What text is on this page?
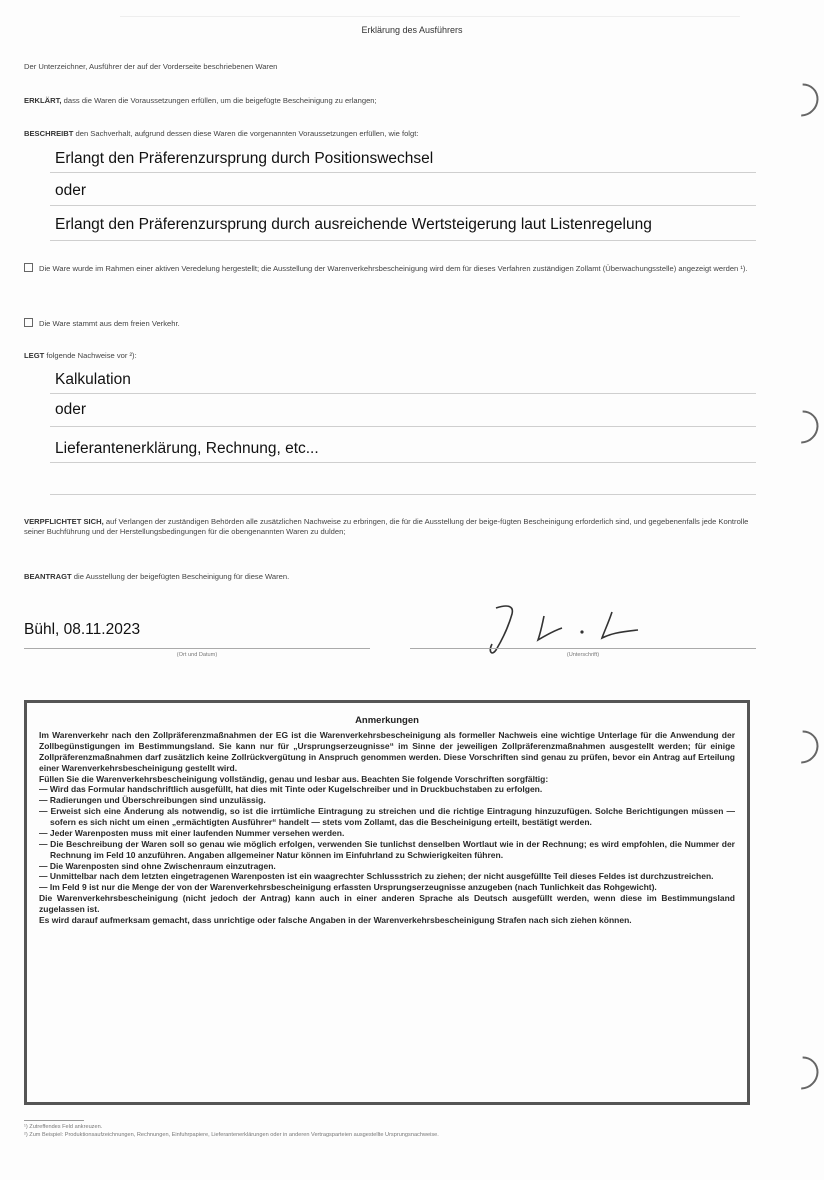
Erklärung des Ausführers
Der Unterzeichner, Ausführer der auf der Vorderseite beschriebenen Waren
ERKLÄRT, dass die Waren die Voraussetzungen erfüllen, um die beigefügte Bescheinigung zu erlangen;
BESCHREIBT den Sachverhalt, aufgrund dessen diese Waren die vorgenannten Voraussetzungen erfüllen, wie folgt:
Erlangt den Präferenzursprung durch Positionswechsel
oder
Erlangt den Präferenzursprung durch ausreichende Wertsteigerung laut Listenregelung
Die Ware wurde im Rahmen einer aktiven Veredelung hergestellt; die Ausstellung der Warenverkehrsbescheinigung wird dem für dieses Verfahren zuständigen Zollamt (Überwachungsstelle) angezeigt werden ¹).
Die Ware stammt aus dem freien Verkehr.
LEGT folgende Nachweise vor ²):
Kalkulation
oder
Lieferantenerklärung, Rechnung, etc...
VERPFLICHTET SICH, auf Verlangen der zuständigen Behörden alle zusätzlichen Nachweise zu erbringen, die für die Ausstellung der beige-fügten Bescheinigung erforderlich sind, und gegebenenfalls jede Kontrolle seiner Buchführung und der Herstellungsbedingungen für die obengenannten Waren zu dulden;
BEANTRAGT die Ausstellung der beigefügten Bescheinigung für diese Waren.
Bühl, 08.11.2023
(Ort und Datum)	(Unterschrift)
Anmerkungen

Im Warenverkehr nach den Zollpräferenzmaßnahmen der EG ist die Warenverkehrsbescheinigung als formeller Nachweis eine wichtige Unterlage für die Anwendung der Zollbegünstigungen im Bestimmungsland. Sie kann nur für „Ursprungserzeugnisse“ im Sinne der jeweiligen Zollpräferenzmaßnahmen ausgestellt werden; für einige Zollpräferenzmaßnahmen darf zusätzlich keine Zollrückvergütung in Anspruch genommen werden. Diese Vorschriften sind genau zu prüfen, bevor ein Antrag auf Erteilung einer Warenverkehrsbescheinigung gestellt wird.

Füllen Sie die Warenverkehrsbescheinigung vollständig, genau und lesbar aus. Beachten Sie folgende Vorschriften sorgfältig:

— Wird das Formular handschriftlich ausgefüllt, hat dies mit Tinte oder Kugelschreiber und in Druckbuchstaben zu erfolgen.
— Radierungen und Überschreibungen sind unzulässig.
— Erweist sich eine Änderung als notwendig, so ist die irrtümliche Eintragung zu streichen und die richtige Eintragung hinzuzufügen. Solche Berichtigungen müssen — sofern es sich nicht um einen „ermächtigten Ausführer“ handelt — stets vom Zollamt, das die Bescheinigung erteilt, bestätigt werden.
— Jeder Warenposten muss mit einer laufenden Nummer versehen werden.
— Die Beschreibung der Waren soll so genau wie möglich erfolgen, verwenden Sie tunlichst denselben Wortlaut wie in der Rechnung; es wird empfohlen, die Nummer der Rechnung im Feld 10 anzuführen. Angaben allgemeiner Natur können im Einfuhrland zu Schwierigkeiten führen.
— Die Warenposten sind ohne Zwischenraum einzutragen.
— Unmittelbar nach dem letzten eingetragenen Warenposten ist ein waagrechter Schlussstrich zu ziehen; der nicht ausgefüllte Teil dieses Feldes ist durchzustreichen.
— Im Feld 9 ist nur die Menge der von der Warenverkehrsbescheinigung erfassten Ursprungserzeugnisse anzugeben (nach Tunlichkeit das Rohgewicht).

Die Warenverkehrsbescheinigung (nicht jedoch der Antrag) kann auch in einer anderen Sprache als Deutsch ausgefüllt werden, wenn diese im Bestimmungsland zugelassen ist.

Es wird darauf aufmerksam gemacht, dass unrichtige oder falsche Angaben in der Warenverkehrsbescheinigung Strafen nach sich ziehen können.

¹) Zutreffendes Feld ankreuzen.
²) Zum Beispiel: Produktionsaufzeichnungen, Rechnungen, Einfuhrpapiere, Lieferantenerklärungen oder in anderen Vertragsparteien ausgestellte Ursprungsnachweise.
